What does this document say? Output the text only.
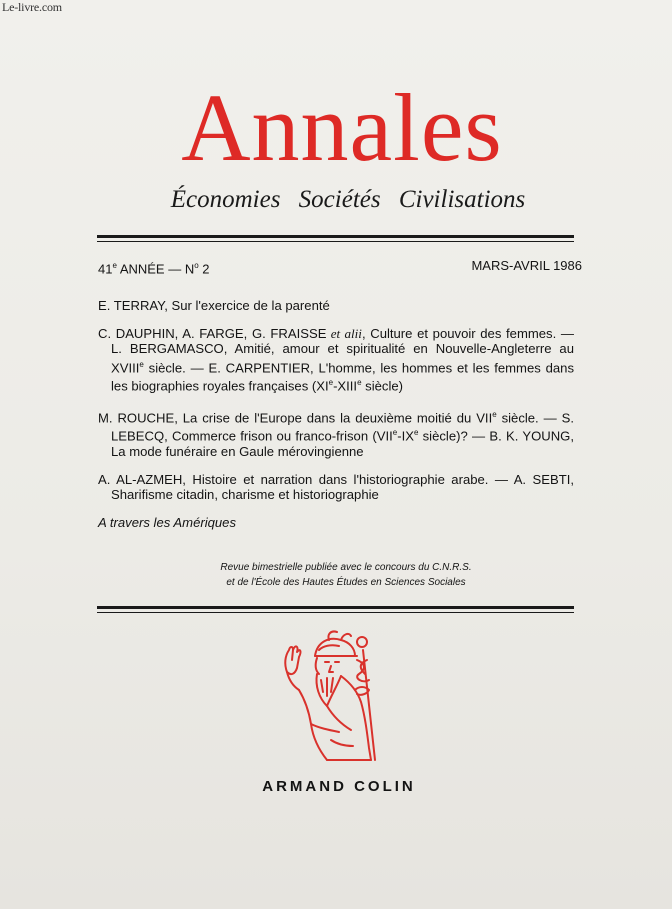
Le-livre.com
Annales
Économies Sociétés Civilisations
41e ANNÉE — $N^o$ 2	MARS-AVRIL 1986
E. TERRAY, Sur l'exercice de la parenté
C. DAUPHIN, A. FARGE, G. FRAISSE et alii, Culture et pouvoir des femmes. — L. BERGAMASCO, Amitié, amour et spiritualité en Nouvelle-Angleterre au XVIIIe siècle. — E. CARPENTIER, L'homme, les hommes et les femmes dans les biographies royales françaises (XIe-XIIIe siècle)
M. ROUCHE, La crise de l'Europe dans la deuxième moitié du VIIe siècle. — S. LEBECQ, Commerce frison ou franco-frison (VIIe-IXe siècle)? — B. K. YOUNG, La mode funéraire en Gaule mérovingienne
A. AL-AZMEH, Histoire et narration dans l'historiographie arabe. — A. SEBTI, Sharifisme citadin, charisme et historiographie
A travers les Amériques
Revue bimestrielle publiée avec le concours du C.N.R.S.
et de l'École des Hautes Études en Sciences Sociales
ARMAND COLIN
